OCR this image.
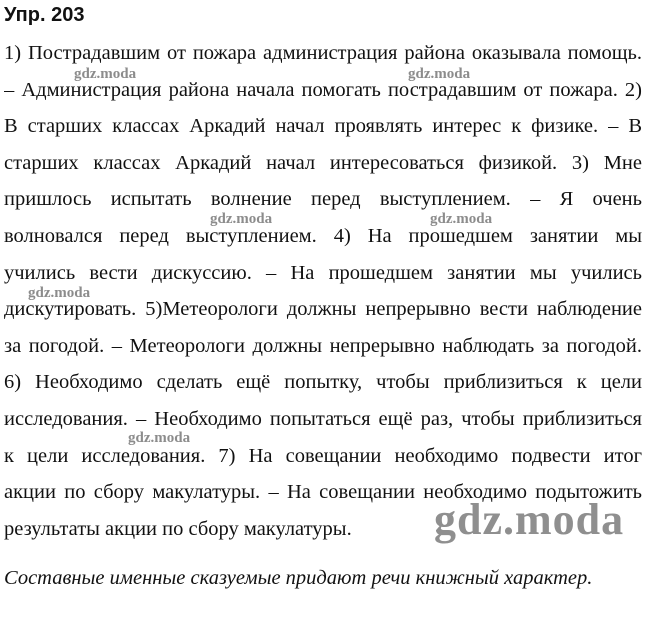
Упр. 203
1) Пострадавшим от пожара администрация района оказывала помощь.
– Администрация района начала помогать пострадавшим от пожара. 2)
В старших классах Аркадий начал проявлять интерес к физике. – В
старших классах Аркадий начал интересоваться физикой. 3) Мне
пришлось испытать волнение перед выступлением. – Я очень
волновался перед выступлением. 4) На прошедшем занятии мы
учились вести дискуссию. – На прошедшем занятии мы учились
дискутировать. 5)Метеорологи должны непрерывно вести наблюдение
за погодой. – Метеорологи должны непрерывно наблюдать за погодой.
6) Необходимо сделать ещё попытку, чтобы приблизиться к цели
исследования. – Необходимо попытаться ещё раз, чтобы приблизиться
к цели исследования. 7) На совещании необходимо подвести итог
акции по сбору макулатуры. – На совещании необходимо подытожить
результаты акции по сбору макулатуры.
Составные именные сказуемые придают речи книжный характер.
gdz.moda	gdz.moda
gdz.moda	gdz.moda
gdz.moda
gdz.moda
gdz.moda
